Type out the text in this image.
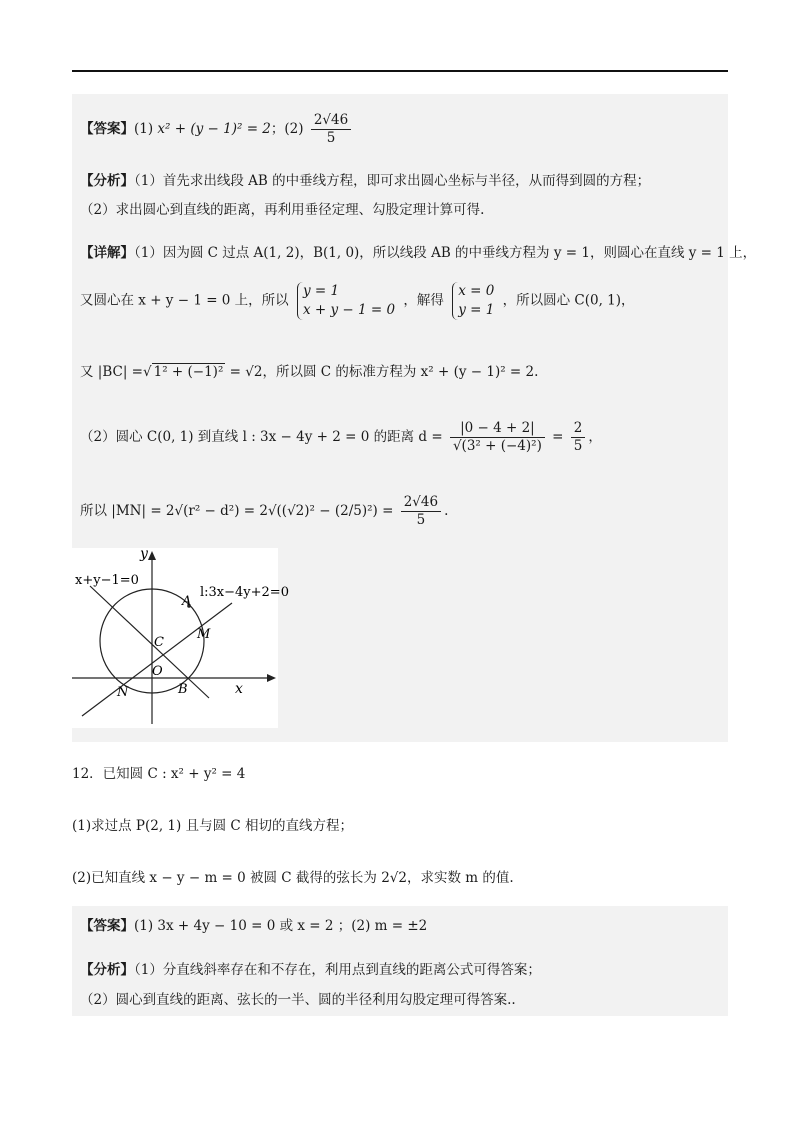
【答案】(1) x² + (y − 1)² = 2；$(2) \frac{2√46}{5}$
【分析】（1）首先求出线段 AB 的中垂线方程，即可求出圆心坐标与半径，从而得到圆的方程；
（2）求出圆心到直线的距离，再利用垂径定理、勾股定理计算可得.
【详解】（1）因为圆 C 过点 A(1, 2)，B(1, 0)，所以线段 AB 的中垂线方程为 y = 1，则圆心在直线 y = 1 上，
又圆心在 x + y − 1 = 0 上，所以
y = 1
x + y − 1 = 0
，解得
x = 0
y = 1
，所以圆心 C(0, 1)，
又 |BC| =√ 1² + (−1)² = √2，所以圆 C 的标准方程为 x² + (y − 1)² = 2.
（2）圆心 C(0, 1) 到直线 l : 3x − 4y + 2 = 0 的距离 $d = \frac{|0 - 4 + 2|}{\text{√(3² + (−4)²)}} = \frac{2}{5}$ ，
所以 $|MN| = 2√(r^2 - d^2) = 2√((√2)^2 - (2/5)^2) = \frac{2√46}{5}$ .
x+y−1=0
l:3x−4y+2=0
A
M
C
O
N	B	x
y
12．已知圆 C : x² + y² = 4
(1)求过点 P(2, 1) 且与圆 C 相切的直线方程；
(2)已知直线 x − y − m = 0 被圆 C 截得的弦长为 2√2，求实数 m 的值.
【答案】(1) 3x + 4y − 10 = 0 或 x = 2 ；(2) m = ±2
【分析】（1）分直线斜率存在和不存在，利用点到直线的距离公式可得答案；
（2）圆心到直线的距离、弦长的一半、圆的半径利用勾股定理可得答案..
